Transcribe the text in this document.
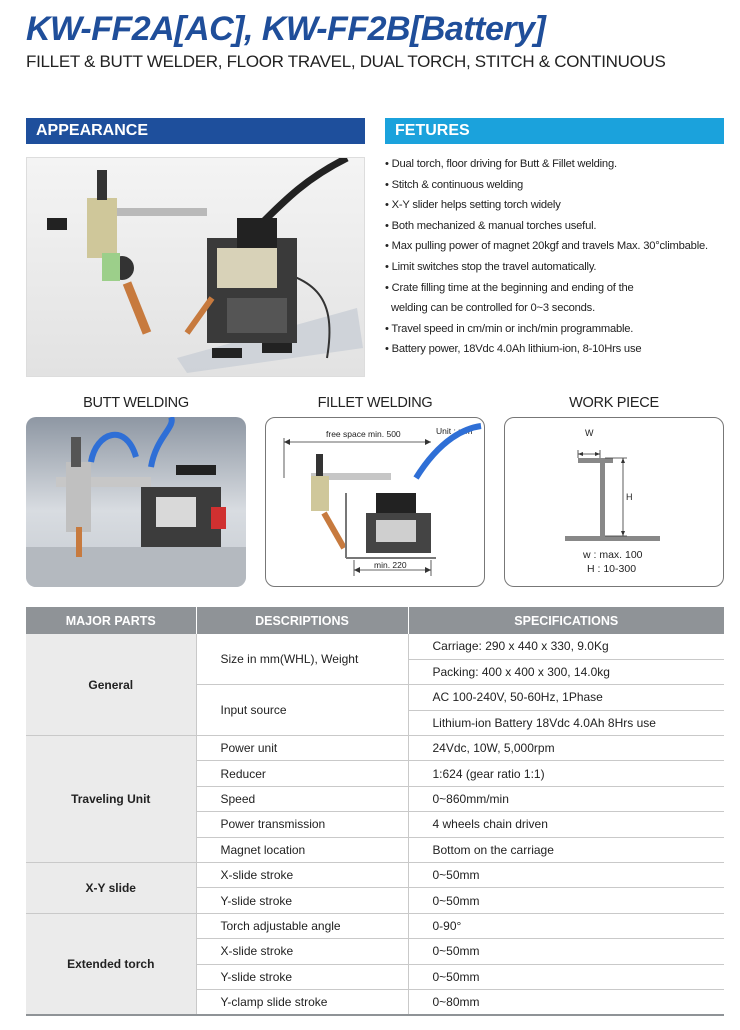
KW-FF2A[AC], KW-FF2B[Battery]
FILLET & BUTT WELDER, FLOOR TRAVEL, DUAL TORCH, STITCH & CONTINUOUS
APPEARANCE	FETURES
• Dual torch, floor driving for Butt & Fillet welding.
• Stitch & continuous welding
• X-Y slider helps setting torch widely
• Both mechanized & manual torches useful.
• Max pulling power of magnet 20kgf and travels Max. 30°climbable.
• Limit switches stop the travel automatically.
• Crate filling time at the beginning and ending of the
welding can be controlled for 0~3 seconds.
• Travel speed in cm/min or inch/min programmable.
• Battery power, 18Vdc 4.0Ah lithium-ion, 8-10Hrs use
BUTT WELDING	FILLET WELDING	WORK PIECE
free space min. 500	Unit : mm
min. 220
W
H
w : max. 100
H : 10-300
MAJOR PARTS	DESCRIPTIONS	SPECIFICATIONS
General	Size in mm(WHL), Weight	Carriage: 290 x 440 x 330, 9.0Kg
		Packing: 400 x 400 x 300, 14.0kg
	Input source	AC 100-240V, 50-60Hz, 1Phase
		Lithium-ion Battery 18Vdc 4.0Ah 8Hrs use
Traveling Unit	Power unit	24Vdc, 10W, 5,000rpm
	Reducer	1:624 (gear ratio 1:1)
	Speed	0~860mm/min
	Power transmission	4 wheels chain driven
	Magnet location	Bottom on the carriage
X-Y slide	X-slide stroke	0~50mm
	Y-slide stroke	0~50mm
Extended torch	Torch adjustable angle	0-90°
	X-slide stroke	0~50mm
	Y-slide stroke	0~50mm
	Y-clamp slide stroke	0~80mm
